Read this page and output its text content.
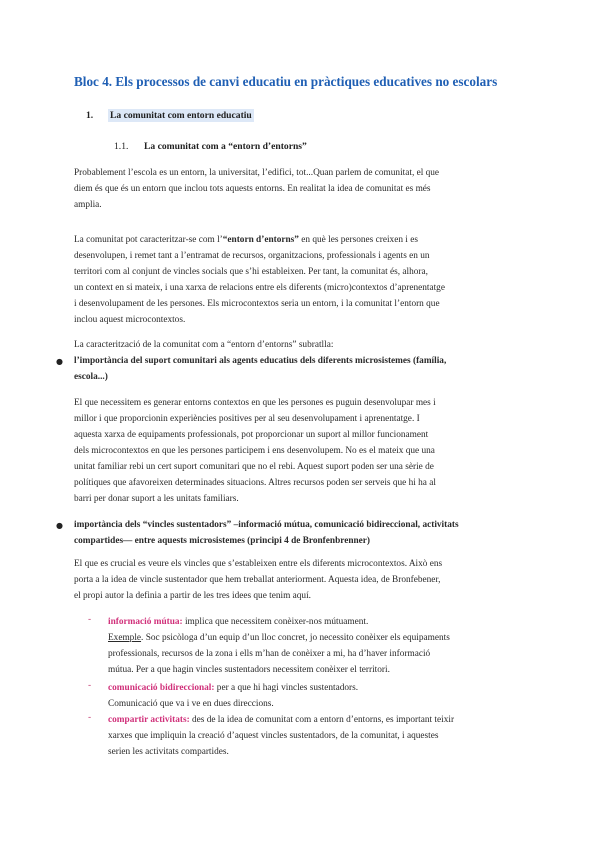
Bloc 4. Els processos de canvi educatiu en pràctiques educatives no escolars
1. La comunitat com entorn educatiu
1.1. La comunitat com a “entorn d’entorns”
Probablement l’escola es un entorn, la universitat, l’edifici, tot...Quan parlem de comunitat, el que
diem és que és un entorn que inclou tots aquests entorns. En realitat la idea de comunitat es més
amplia.
La comunitat pot caracteritzar-se com l’“entorn d’entorns” en què les persones creixen i es
desenvolupen, i remet tant a l’entramat de recursos, organitzacions, professionals i agents en un
territori com al conjunt de vincles socials que s’hi estableixen. Per tant, la comunitat és, alhora,
un context en si mateix, i una xarxa de relacions entre els diferents (micro)contextos d’aprenentatge
i desenvolupament de les persones. Els microcontextos seria un entorn, i la comunitat l’entorn que
inclou aquest microcontextos.
La caracterització de la comunitat com a “entorn d’entorns” subratlla:
● l’importància del suport comunitari als agents educatius dels diferents microsistemes (família,
escola...)
El que necessitem es generar entorns contextos en que les persones es puguin desenvolupar mes i
millor i que proporcionin experiències positives per al seu desenvolupament i aprenentatge. I
aquesta xarxa de equipaments professionals, pot proporcionar un suport al millor funcionament
dels microcontextos en que les persones participem i ens desenvolupem. No es el mateix que una
unitat familiar rebi un cert suport comunitari que no el rebi. Aquest suport poden ser una sèrie de
polítiques que afavoreixen determinades situacions. Altres recursos poden ser serveis que hi ha al
barri per donar suport a les unitats familiars.
● importància dels “vincles sustentadors” –informació mútua, comunicació bidireccional, activitats
compartides— entre aquests microsistemes (principi 4 de Bronfenbrenner)
El que es crucial es veure els vincles que s’estableixen entre els diferents microcontextos. Això ens
porta a la idea de vincle sustentador que hem treballat anteriorment. Aquesta idea, de Bronfebener,
el propi autor la definia a partir de les tres idees que tenim aquí.
- informació mútua: implica que necessitem conèixer-nos mútuament.
Exemple. Soc psicòloga d’un equip d’un lloc concret, jo necessito conèixer els equipaments
professionals, recursos de la zona i ells m’han de conèixer a mi, ha d’haver informació
mútua. Per a que hagin vincles sustentadors necessitem conèixer el territori.
- comunicació bidireccional: per a que hi hagi vincles sustentadors.
Comunicació que va i ve en dues direccions.
- compartir activitats: des de la idea de comunitat com a entorn d’entorns, es important teixir
xarxes que impliquin la creació d’aquest vincles sustentadors, de la comunitat, i aquestes
serien les activitats compartides.
